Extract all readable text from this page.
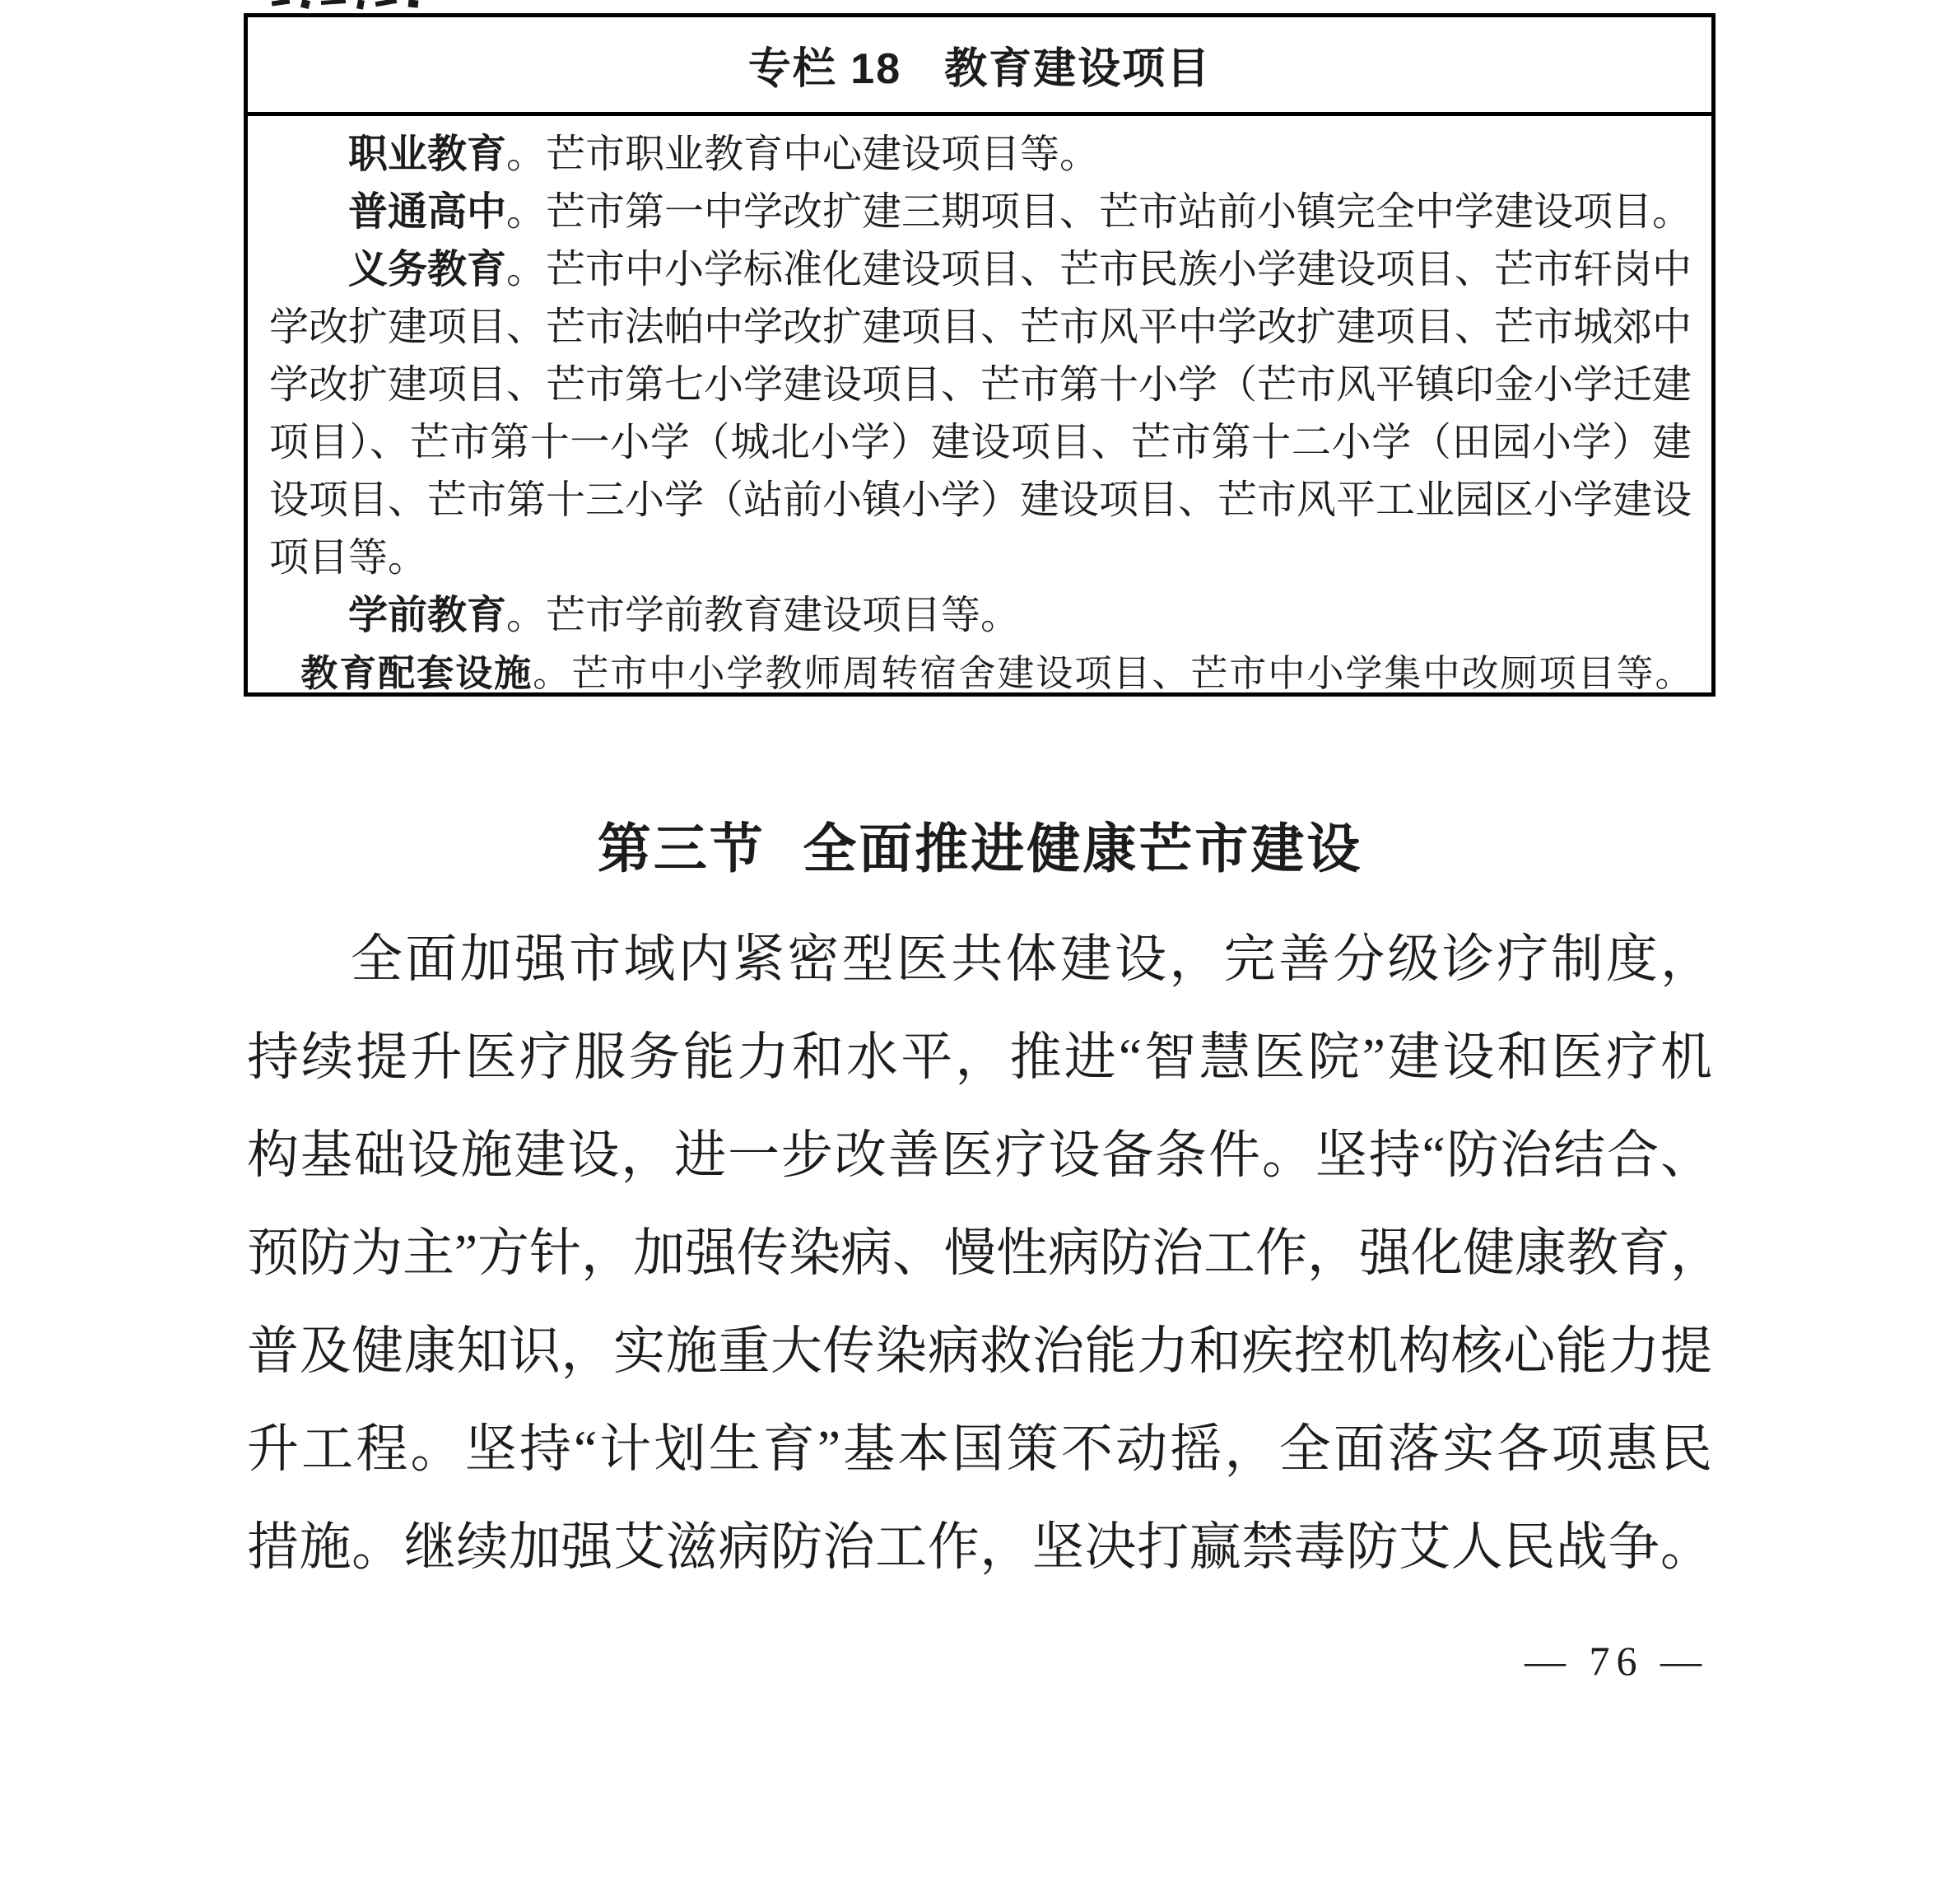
专栏 18 教育建设项目
职业教育。芒市职业教育中心建设项目等。
普通高中。芒市第一中学改扩建三期项目、芒市站前小镇完全中学建设项目。
义务教育。芒市中小学标准化建设项目、芒市民族小学建设项目、芒市轩岗中
学改扩建项目、芒市法帕中学改扩建项目、芒市风平中学改扩建项目、芒市城郊中
学改扩建项目、芒市第七小学建设项目、芒市第十小学（芒市风平镇印金小学迁建
项目）、芒市第十一小学（城北小学）建设项目、芒市第十二小学（田园小学）建
设项目、芒市第十三小学（站前小镇小学）建设项目、芒市风平工业园区小学建设
项目等。
学前教育。芒市学前教育建设项目等。
教育配套设施。芒市中小学教师周转宿舍建设项目、芒市中小学集中改厕项目等。
第三节 全面推进健康芒市建设
全面加强市域内紧密型医共体建设，完善分级诊疗制度，
持续提升医疗服务能力和水平，推进“智慧医院”建设和医疗机
构基础设施建设，进一步改善医疗设备条件。坚持“防治结合、
预防为主”方针，加强传染病、慢性病防治工作，强化健康教育，
普及健康知识，实施重大传染病救治能力和疾控机构核心能力提
升工程。坚持“计划生育”基本国策不动摇，全面落实各项惠民
措施。继续加强艾滋病防治工作，坚决打赢禁毒防艾人民战争。
— 76 —
